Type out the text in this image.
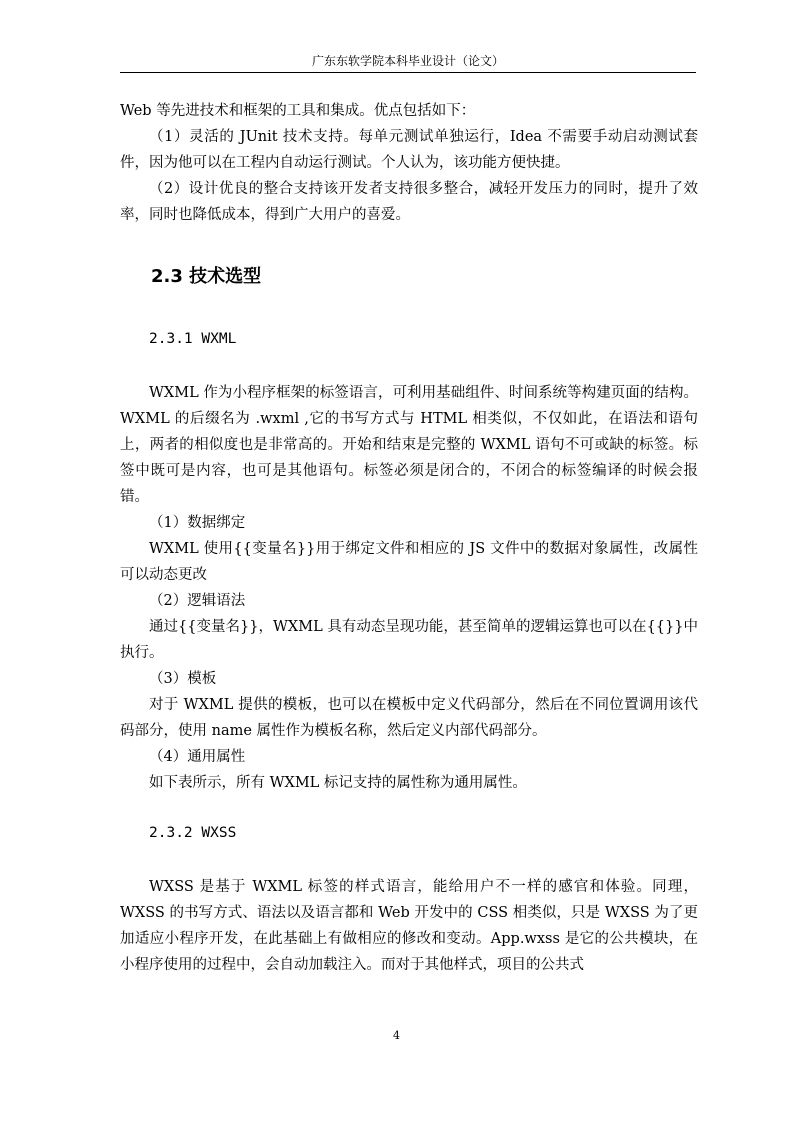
广东东软学院本科毕业设计（论文）

Web 等先进技术和框架的工具和集成。优点包括如下：

（1）灵活的 JUnit 技术支持。每单元测试单独运行，Idea 不需要手动启动测试套件，因为他可以在工程内自动运行测试。个人认为，该功能方便快捷。

（2）设计优良的整合支持该开发者支持很多整合，减轻开发压力的同时，提升了效率，同时也降低成本，得到广大用户的喜爱。

2.3 技术选型
2.3.1 WXML

WXML 作为小程序框架的标签语言，可利用基础组件、时间系统等构建页面的结构。WXML 的后缀名为 .wxml ,它的书写方式与 HTML 相类似，不仅如此，在语法和语句上，两者的相似度也是非常高的。开始和结束是完整的 WXML 语句不可或缺的标签。标签中既可是内容，也可是其他语句。标签必须是闭合的，不闭合的标签编译的时候会报错。

（1）数据绑定

WXML 使用{{变量名}}用于绑定文件和相应的 JS 文件中的数据对象属性，改属性可以动态更改

（2）逻辑语法

通过{{变量名}}，WXML 具有动态呈现功能，甚至简单的逻辑运算也可以在{{}}中执行。

（3）模板

对于 WXML 提供的模板，也可以在模板中定义代码部分，然后在不同位置调用该代码部分，使用 name 属性作为模板名称，然后定义内部代码部分。

（4）通用属性

如下表所示，所有 WXML 标记支持的属性称为通用属性。

2.3.2 WXSS

WXSS 是基于 WXML 标签的样式语言，能给用户不一样的感官和体验。同理，WXSS 的书写方式、语法以及语言都和 Web 开发中的 CSS 相类似，只是 WXSS 为了更加适应小程序开发，在此基础上有做相应的修改和变动。App.wxss 是它的公共模块，在小程序使用的过程中，会自动加载注入。而对于其他样式，项目的公共式

4
